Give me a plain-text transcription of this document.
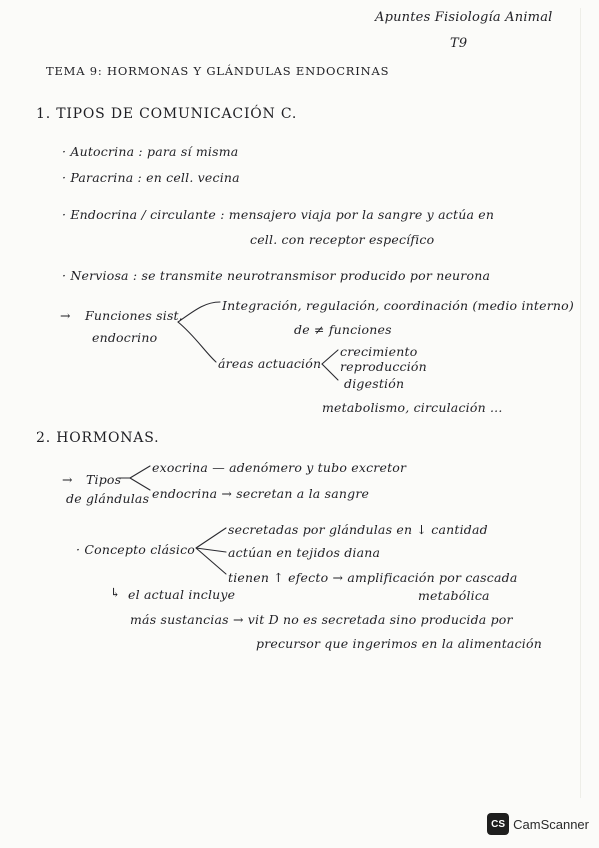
Apuntes Fisiología Animal
T9
TEMA 9: HORMONAS Y GLÁNDULAS ENDOCRINAS
1. TIPOS DE COMUNICACIÓN C.
· Autocrina : para sí misma
· Paracrina : en cell. vecina
· Endocrina / circulante : mensajero viaja por la sangre y actúa en
cell. con receptor específico
· Nerviosa : se transmite neurotransmisor producido por neurona
→ Funciones sist.
endocrino
Integración, regulación, coordinación (medio interno)
de ≠ funciones
áreas actuación
crecimiento
reproducción
digestión
metabolismo, circulación ...
2. HORMONAS.
→ Tipos
de glándulas
exocrina — adenómero y tubo excretor
endocrina → secretan a la sangre
· Concepto clásico
secretadas por glándulas en ↓ cantidad
actúan en tejidos diana
tienen ↑ efecto → amplificación por cascada
metabólica
↳ el actual incluye
más sustancias → vit D no es secretada sino producida por
precursor que ingerimos en la alimentación
CS CamScanner
